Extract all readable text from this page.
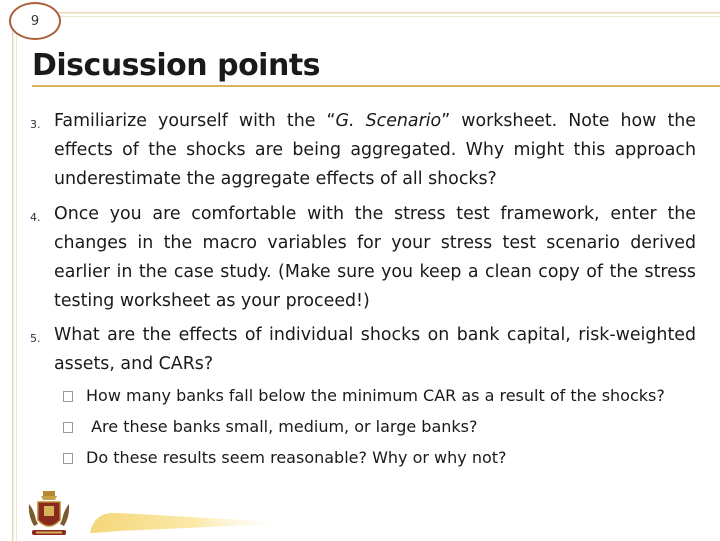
9
Discussion points
3. Familiarize yourself with the “G. Scenario” worksheet. Note how the effects of the shocks are being aggregated. Why might this approach underestimate the aggregate effects of all shocks?
4. Once you are comfortable with the stress test framework, enter the changes in the macro variables for your stress test scenario derived earlier in the case study. (Make sure you keep a clean copy of the stress testing worksheet as your proceed!)
5. What are the effects of individual shocks on bank capital, risk-weighted assets, and CARs?
How many banks fall below the minimum CAR as a result of the shocks?
Are these banks small, medium, or large banks?
Do these results seem reasonable? Why or why not?
